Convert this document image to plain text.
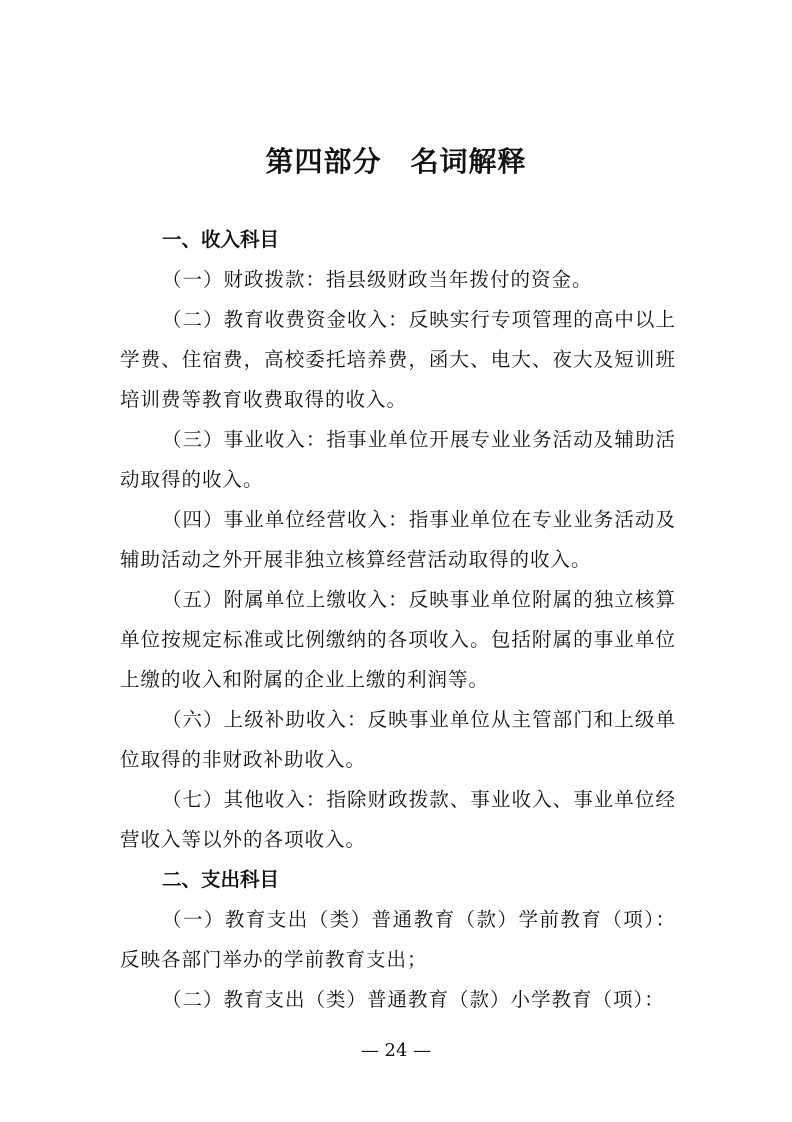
第四部分　名词解释

一、收入科目

（一）财政拨款：指县级财政当年拨付的资金。

（二）教育收费资金收入：反映实行专项管理的高中以上学费、住宿费，高校委托培养费，函大、电大、夜大及短训班培训费等教育收费取得的收入。

（三）事业收入：指事业单位开展专业业务活动及辅助活动取得的收入。

（四）事业单位经营收入：指事业单位在专业业务活动及辅助活动之外开展非独立核算经营活动取得的收入。

（五）附属单位上缴收入：反映事业单位附属的独立核算单位按规定标准或比例缴纳的各项收入。包括附属的事业单位上缴的收入和附属的企业上缴的利润等。

（六）上级补助收入：反映事业单位从主管部门和上级单位取得的非财政补助收入。

（七）其他收入：指除财政拨款、事业收入、事业单位经营收入等以外的各项收入。

二、支出科目

（一）教育支出（类）普通教育（款）学前教育（项）：反映各部门举办的学前教育支出；

（二）教育支出（类）普通教育（款）小学教育（项）：

— 24 —
